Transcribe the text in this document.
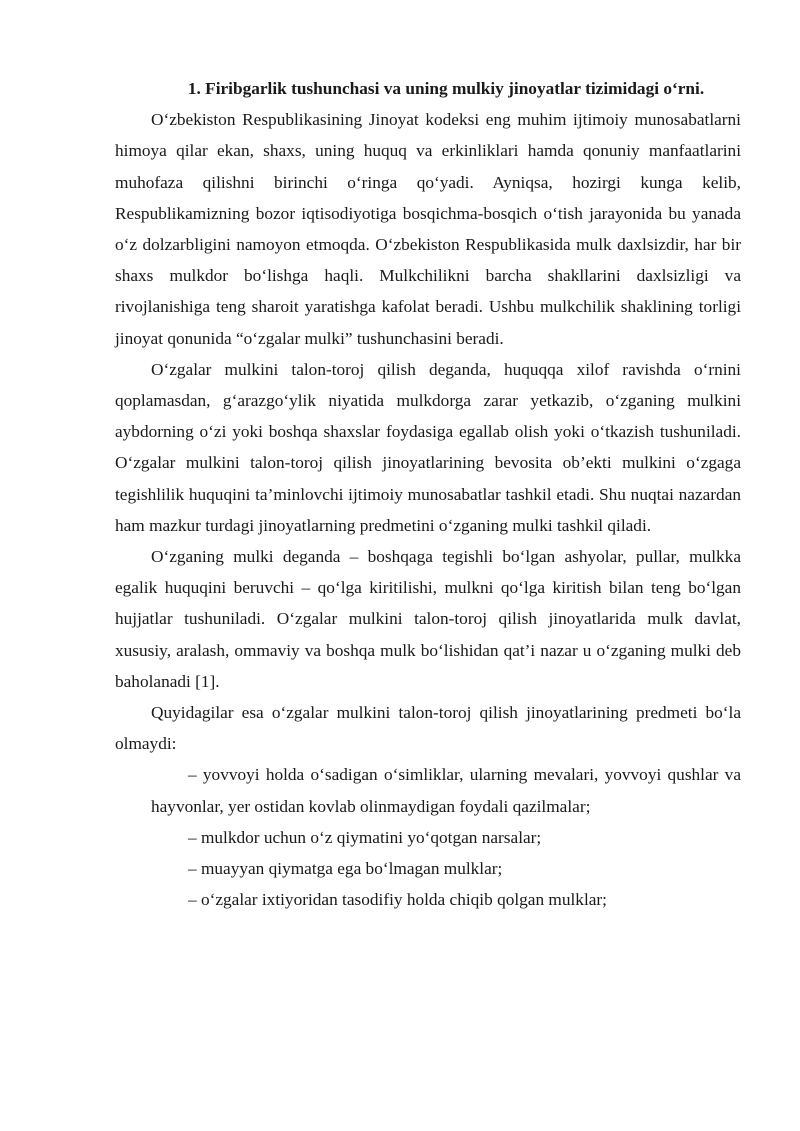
1. Firibgarlik tushunchasi va uning mulkiy jinoyatlar tizimidagi o‘rni.

O‘zbekiston Respublikasining Jinoyat kodeksi eng muhim ijtimoiy munosabatlarni himoya qilar ekan, shaxs, uning huquq va erkinliklari hamda qonuniy manfaatlarini muhofaza qilishni birinchi o‘ringa qo‘yadi. Ayniqsa, hozirgi kunga kelib, Respublikamizning bozor iqtisodiyotiga bosqichma-bosqich o‘tish jarayonida bu yanada o‘z dolzarbligini namoyon etmoqda. O‘zbekiston Respublikasida mulk daxlsizdir, har bir shaxs mulkdor bo‘lishga haqli. Mulkchilikni barcha shakllarini daxlsizligi va rivojlanishiga teng sharoit yaratishga kafolat beradi. Ushbu mulkchilik shaklining torligi jinoyat qonunida “o‘zgalar mulki” tushunchasini beradi.

O‘zgalar mulkini talon-toroj qilish deganda, huquqqa xilof ravishda o‘rnini qoplamasdan, g‘arazgo‘ylik niyatida mulkdorga zarar yetkazib, o‘zganing mulkini aybdorning o‘zi yoki boshqa shaxslar foydasiga egallab olish yoki o‘tkazish tushuniladi. O‘zgalar mulkini talon-toroj qilish jinoyatlarining bevosita ob’ekti mulkini o‘zgaga tegishlilik huquqini ta’minlovchi ijtimoiy munosabatlar tashkil etadi. Shu nuqtai nazardan ham mazkur turdagi jinoyatlarning predmetini o‘zganing mulki tashkil qiladi.

O‘zganing mulki deganda – boshqaga tegishli bo‘lgan ashyolar, pullar, mulkka egalik huquqini beruvchi – qo‘lga kiritilishi, mulkni qo‘lga kiritish bilan teng bo‘lgan hujjatlar tushuniladi. O‘zgalar mulkini talon-toroj qilish jinoyatlarida mulk davlat, xususiy, aralash, ommaviy va boshqa mulk bo‘lishidan qat’i nazar u o‘zganing mulki deb baholanadi [1].

Quyidagilar esa o‘zgalar mulkini talon-toroj qilish jinoyatlarining predmeti bo‘la olmaydi:

– yovvoyi holda o‘sadigan o‘simliklar, ularning mevalari, yovvoyi qushlar va hayvonlar, yer ostidan kovlab olinmaydigan foydali qazilmalar;
– mulkdor uchun o‘z qiymatini yo‘qotgan narsalar;
– muayyan qiymatga ega bo‘lmagan mulklar;
– o‘zgalar ixtiyoridan tasodifiy holda chiqib qolgan mulklar;
